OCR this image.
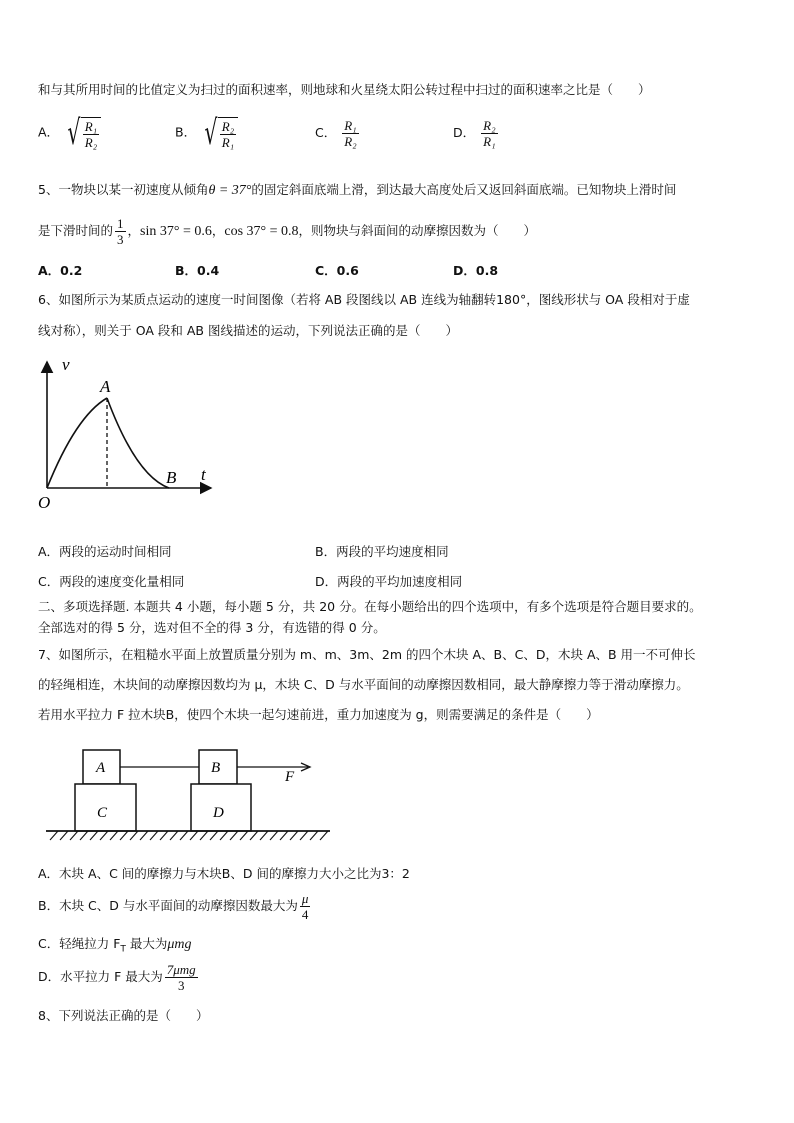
和与其所用时间的比值定义为扫过的面积速率，则地球和火星绕太阳公转过程中扫过的面积速率之比是（　　）
A． √ $\frac{\text{R₁}}{\text{R₂}}$	B． √ $\frac{\text{R₂}}{\text{R₁}}$	C． $\frac{\text{R₁}}{\text{R₂}}$	D． $\frac{\text{R₂}}{\text{R₁}}$
5、一物块以某一初速度从倾角θ = 37°的固定斜面底端上滑，到达最大高度处后又返回斜面底端。已知物块上滑时间
是下滑时间的 $\frac{1}{3}$ ，sin 37° = 0.6，cos 37° = 0.8，则物块与斜面间的动摩擦因数为（　　）
A．0.2	B．0.4	C．0.6	D．0.8
6、如图所示为某质点运动的速度一时间图像（若将 AB 段图线以 AB 连线为轴翻转180°，图线形状与 OA 段相对于虚
线对称），则关于 OA 段和 AB 图线描述的运动，下列说法正确的是（　　）
v
t
A
B
O
A．两段的运动时间相同	B．两段的平均速度相同
C．两段的速度变化量相同	D．两段的平均加速度相同
二、多项选择题. 本题共 4 小题，每小题 5 分，共 20 分。在每小题给出的四个选项中，有多个选项是符合题目要求的。
全部选对的得 5 分，选对但不全的得 3 分，有选错的得 0 分。
7、如图所示，在粗糙水平面上放置质量分别为 m、m、3m、2m 的四个木块 A、B、C、D，木块 A、B 用一不可伸长
的轻绳相连，木块间的动摩擦因数均为 μ，木块 C、D 与水平面间的动摩擦因数相同，最大静摩擦力等于滑动摩擦力。
若用水平拉力 F 拉木块B，使四个木块一起匀速前进，重力加速度为 g，则需要满足的条件是（　　）
A	B
C	D
F
A．木块 A、C 间的摩擦力与木块B、D 间的摩擦力大小之比为3：2
B．木块 C、D 与水平面间的动摩擦因数最大为 $\frac{\mu}{4}$
C．轻绳拉力 $F_T$ 最大为μmg
D．水平拉力 F 最大为 $\frac{\text{7μmg}}{3}$
8、下列说法正确的是（　　）
